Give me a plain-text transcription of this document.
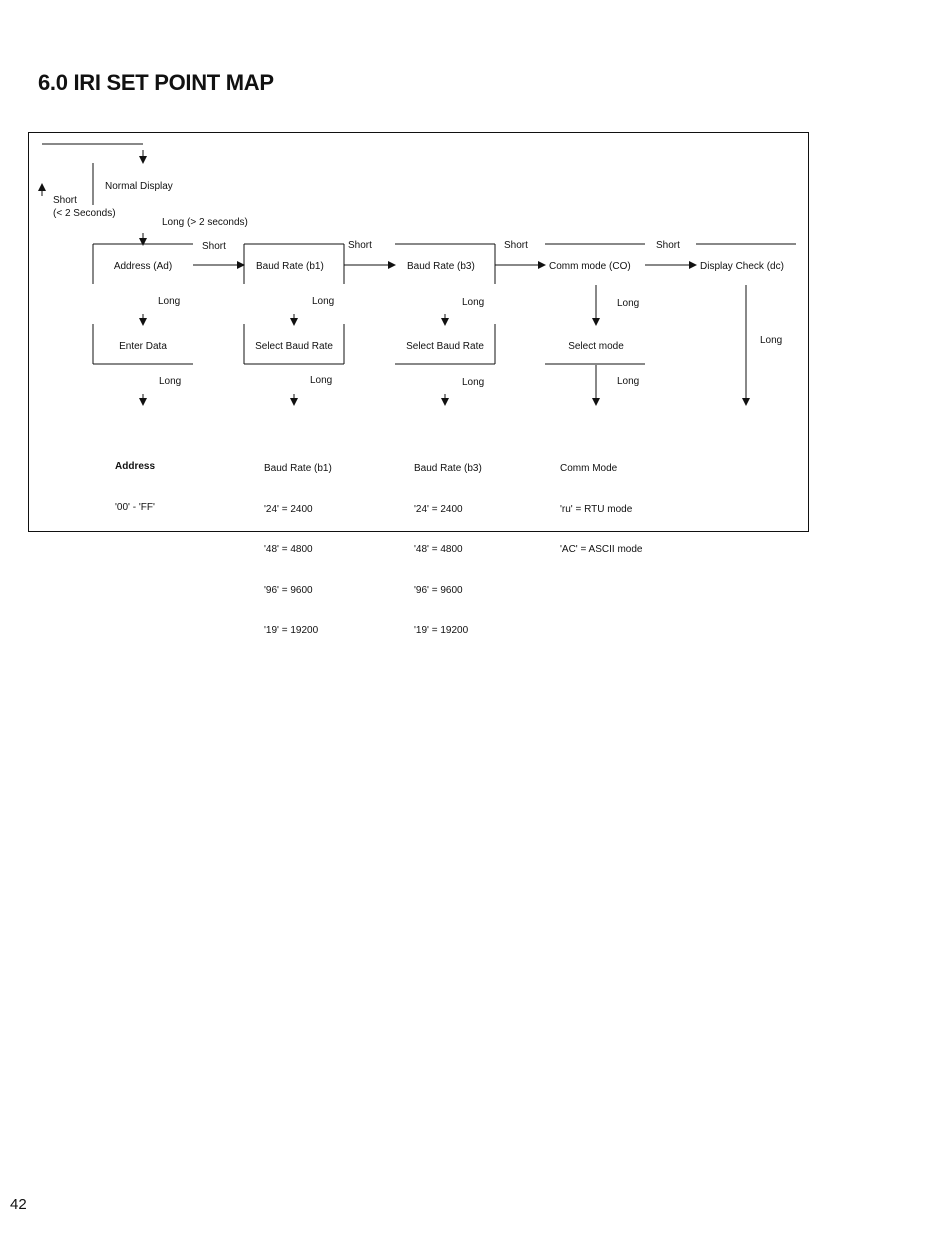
6.0 IRI SET POINT MAP
Normal Display
Short
(< 2 Seconds)
Long (> 2 seconds)
Short	Short	Short	Short
Address (Ad)	Baud Rate (b1)	Baud Rate (b3)	Comm mode (CO)	Display Check (dc)
Long	Long	Long	Long
Long
Enter Data	Select Baud Rate	Select Baud Rate	Select mode
Long	Long	Long	Long

Address

'00' - 'FF'

Baud Rate (b1)

'24' = 2400

'48' = 4800

'96' = 9600

'19' = 19200

Baud Rate (b3)

'24' = 2400

'48' = 4800

'96' = 9600

'19' = 19200

Comm Mode

'ru' = RTU mode

'AC' = ASCII mode

42
